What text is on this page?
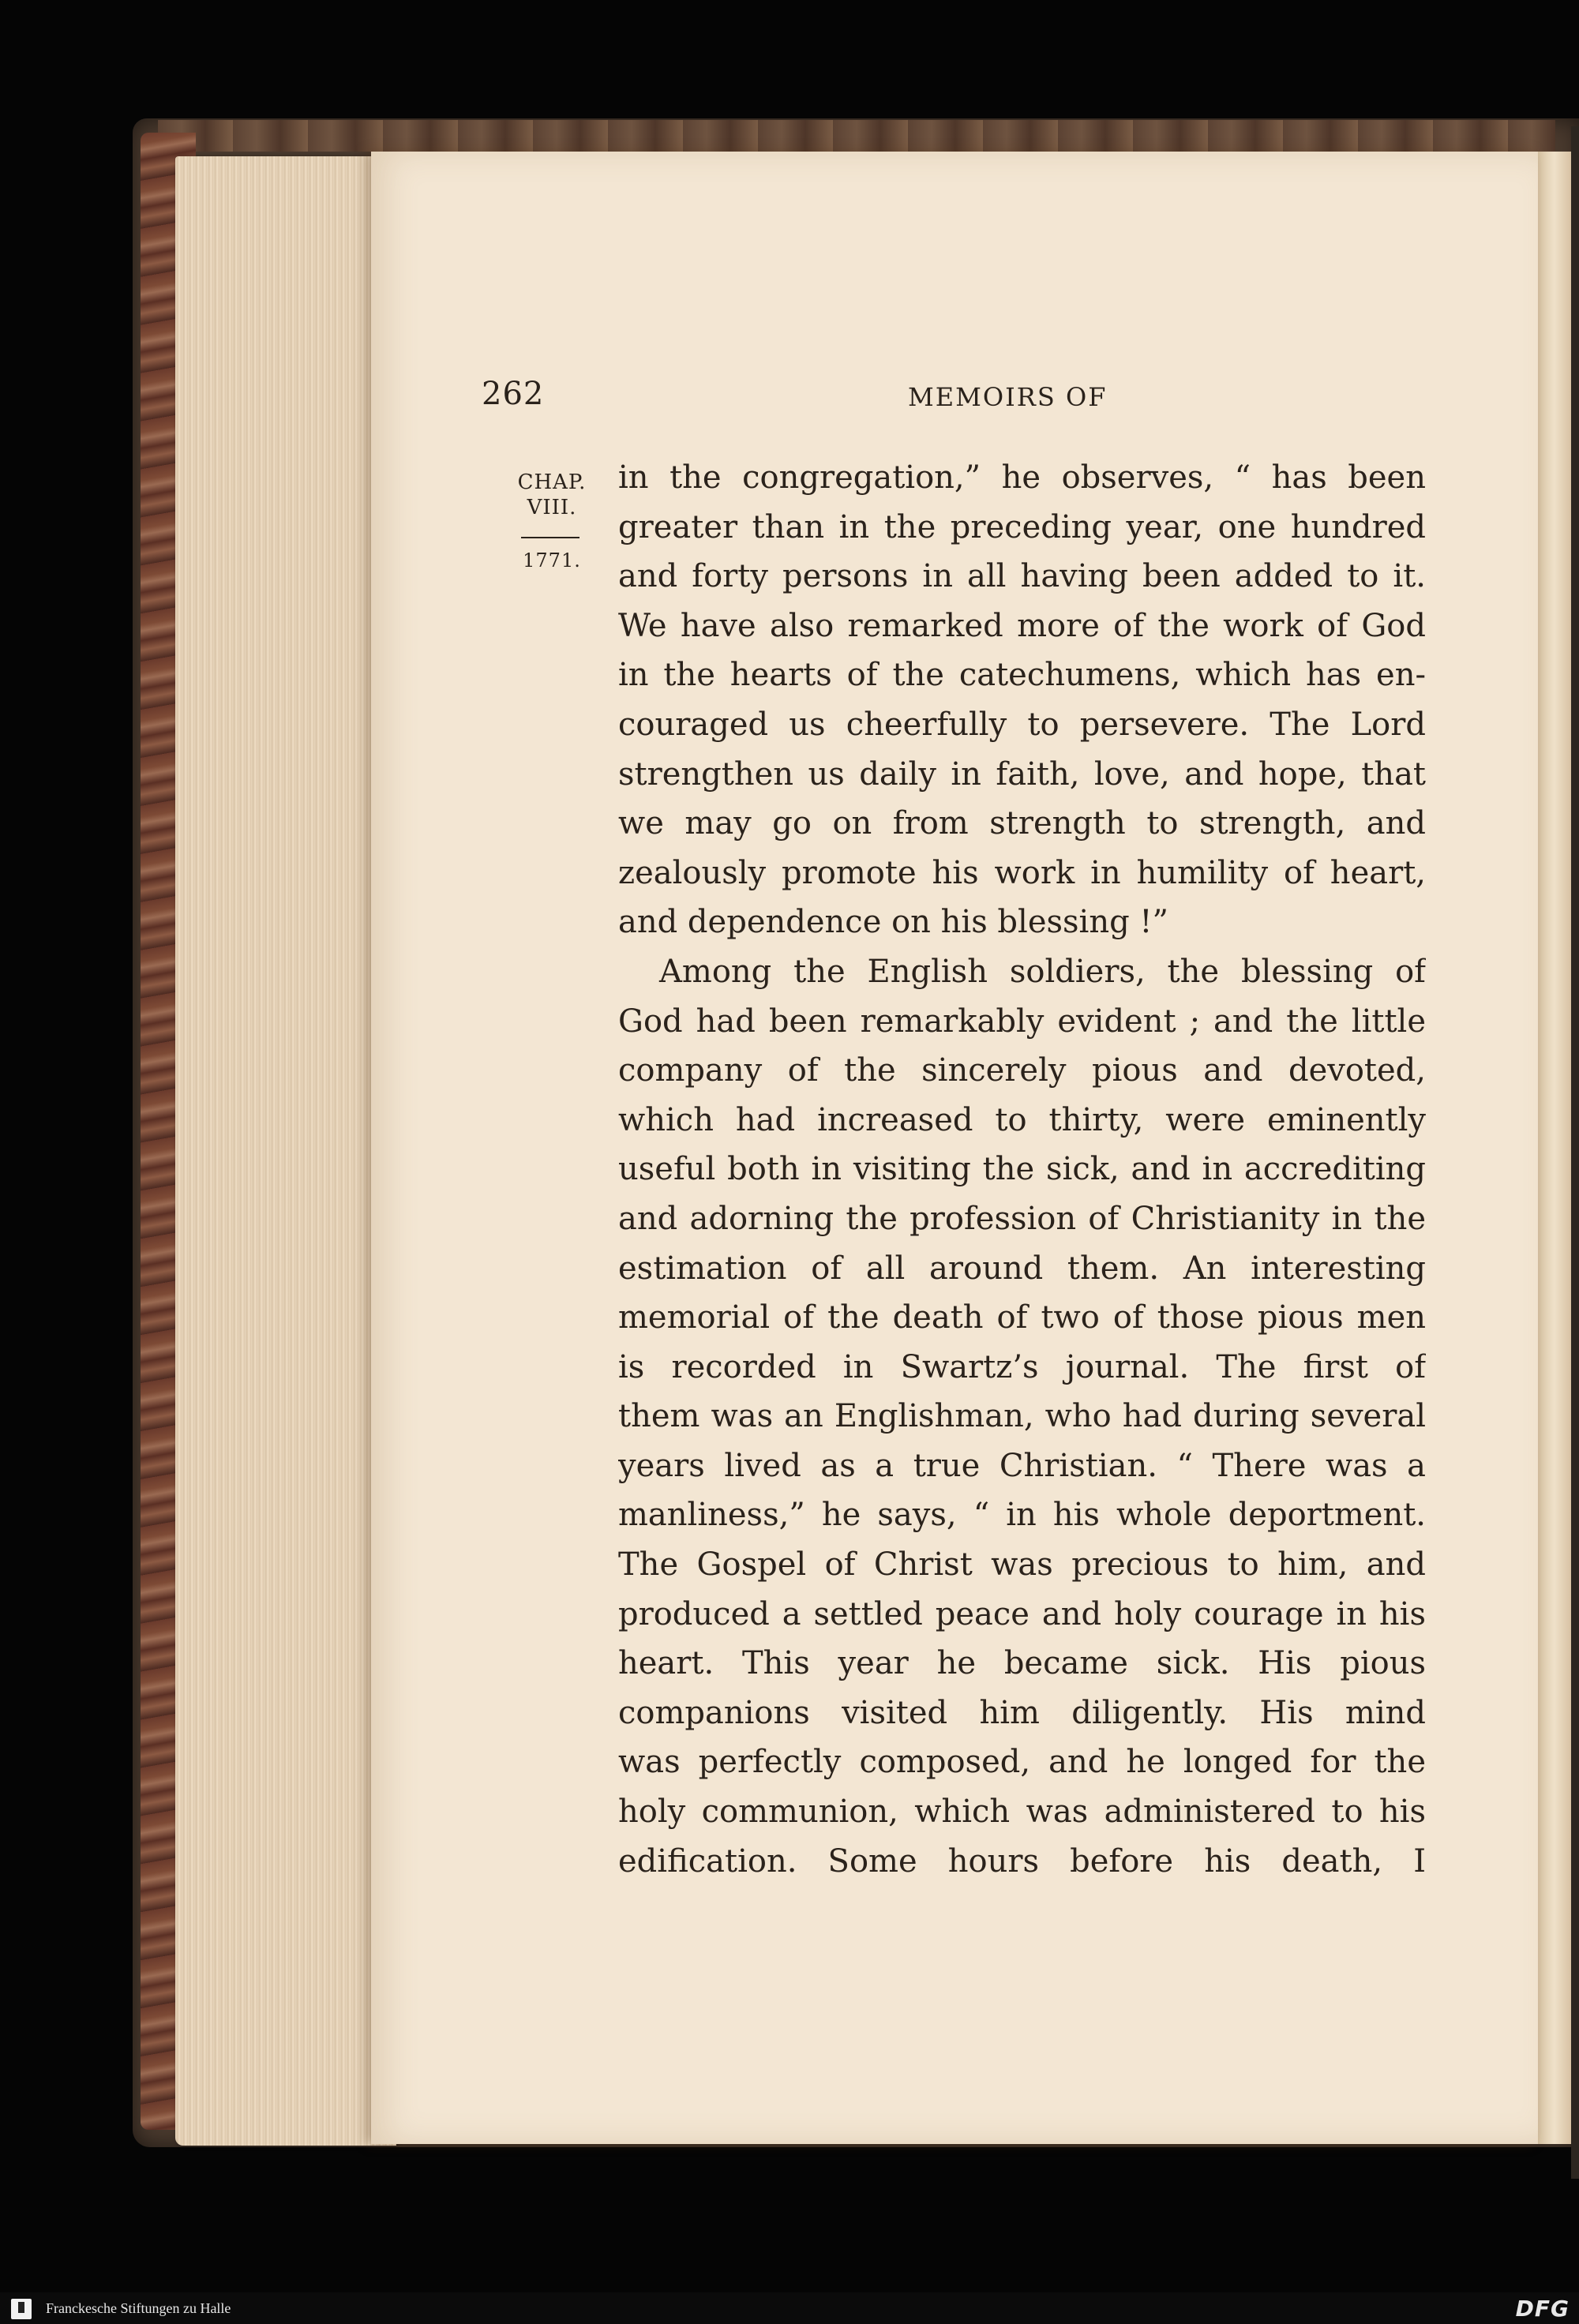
262	MEMOIRS OF
CHAP.
VIII.
1771.
in the congregation,” he observes, “ has been
greater than in the preceding year, one hundred
and forty persons in all having been added to it.
We have also remarked more of the work of God
in the hearts of the catechumens, which has en-
couraged us cheerfully to persevere. The Lord
strengthen us daily in faith, love, and hope, that
we may go on from strength to strength, and
zealously promote his work in humility of heart,
and dependence on his blessing !”
Among the English soldiers, the blessing of
God had been remarkably evident ; and the little
company of the sincerely pious and devoted,
which had increased to thirty, were eminently
useful both in visiting the sick, and in accrediting
and adorning the profession of Christianity in the
estimation of all around them. An interesting
memorial of the death of two of those pious men
is recorded in Swartz’s journal. The first of
them was an Englishman, who had during several
years lived as a true Christian. “ There was a
manliness,” he says, “ in his whole deportment.
The Gospel of Christ was precious to him, and
produced a settled peace and holy courage in his
heart. This year he became sick. His pious
companions visited him diligently. His mind
was perfectly composed, and he longed for the
holy communion, which was administered to his
edification. Some hours before his death, I
Franckesche Stiftungen zu Halle	DFG
